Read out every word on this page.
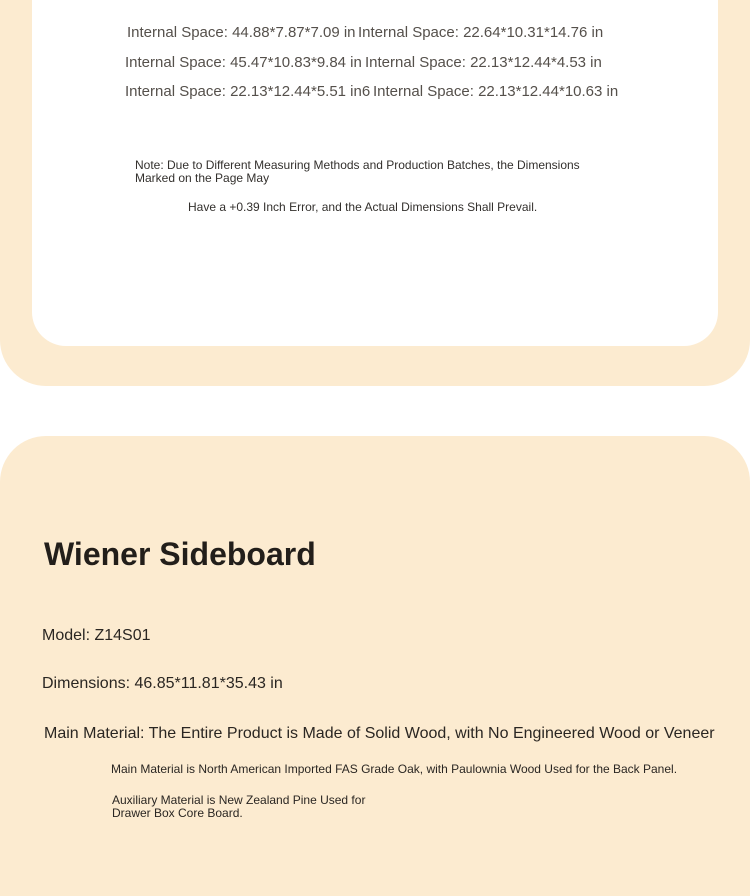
Internal Space: 44.88*7.87*7.09 in Internal Space: 22.64*10.31*14.76 in
Internal Space: 45.47*10.83*9.84 in Internal Space: 22.13*12.44*4.53 in
Internal Space: 22.13*12.44*5.51 in6 Internal Space: 22.13*12.44*10.63 in
Note: Due to Different Measuring Methods and Production Batches, the Dimensions Marked on the Page May
Have a +0.39 Inch Error, and the Actual Dimensions Shall Prevail.
Wiener Sideboard
Model: Z14S01
Dimensions: 46.85*11.81*35.43 in
Main Material: The Entire Product is Made of Solid Wood, with No Engineered Wood or Veneer
Main Material is North American Imported FAS Grade Oak, with Paulownia Wood Used for the Back Panel.
Auxiliary Material is New Zealand Pine Used for Drawer Box Core Board.
